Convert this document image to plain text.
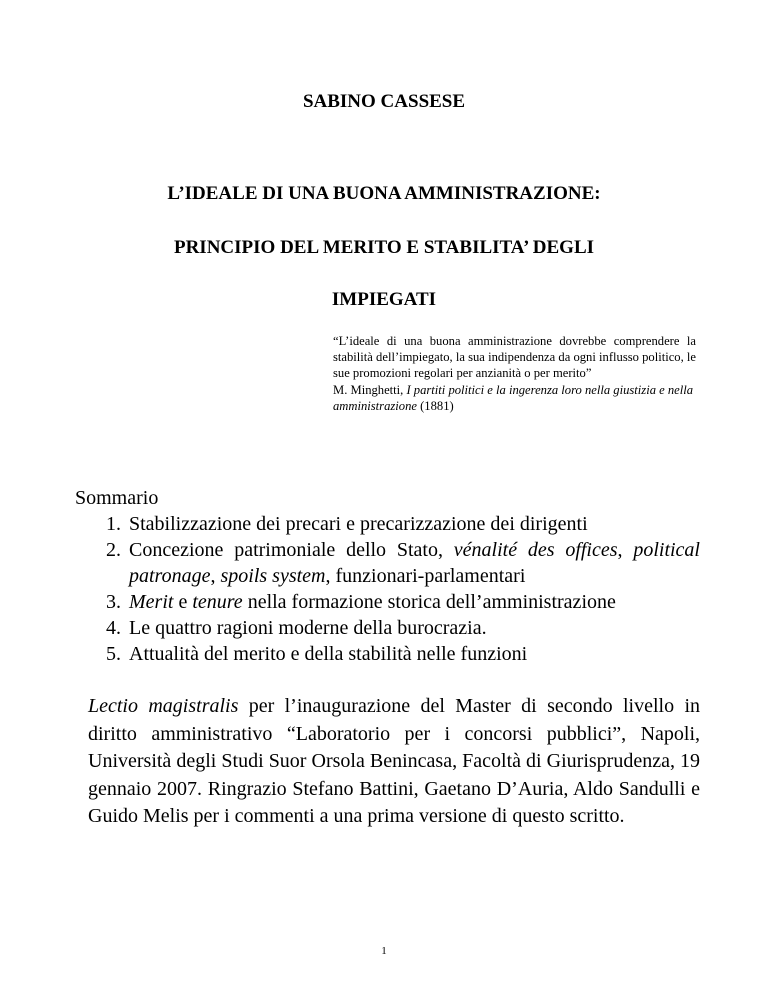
SABINO CASSESE
L’IDEALE DI UNA BUONA AMMINISTRAZIONE:
PRINCIPIO DEL MERITO E STABILITA’ DEGLI
IMPIEGATI

“L’ideale di una buona amministrazione dovrebbe comprendere la stabilità dell’impiegato, la sua indipendenza da ogni influsso politico, le sue promozioni regolari per anzianità o per merito”

M. Minghetti, I partiti politici e la ingerenza loro nella giustizia e nella amministrazione (1881)

Sommario

1. Stabilizzazione dei precari e precarizzazione dei dirigenti
2. Concezione patrimoniale dello Stato, vénalité des offices, political patronage, spoils system, funzionari-parlamentari
3. Merit e tenure nella formazione storica dell’amministrazione
4. Le quattro ragioni moderne della burocrazia.
5. Attualità del merito e della stabilità nelle funzioni

Lectio magistralis per l’inaugurazione del Master di secondo livello in diritto amministrativo “Laboratorio per i concorsi pubblici”, Napoli, Università degli Studi Suor Orsola Benincasa, Facoltà di Giurisprudenza, 19 gennaio 2007. Ringrazio Stefano Battini, Gaetano D’Auria, Aldo Sandulli e Guido Melis per i commenti a una prima versione di questo scritto.

1
